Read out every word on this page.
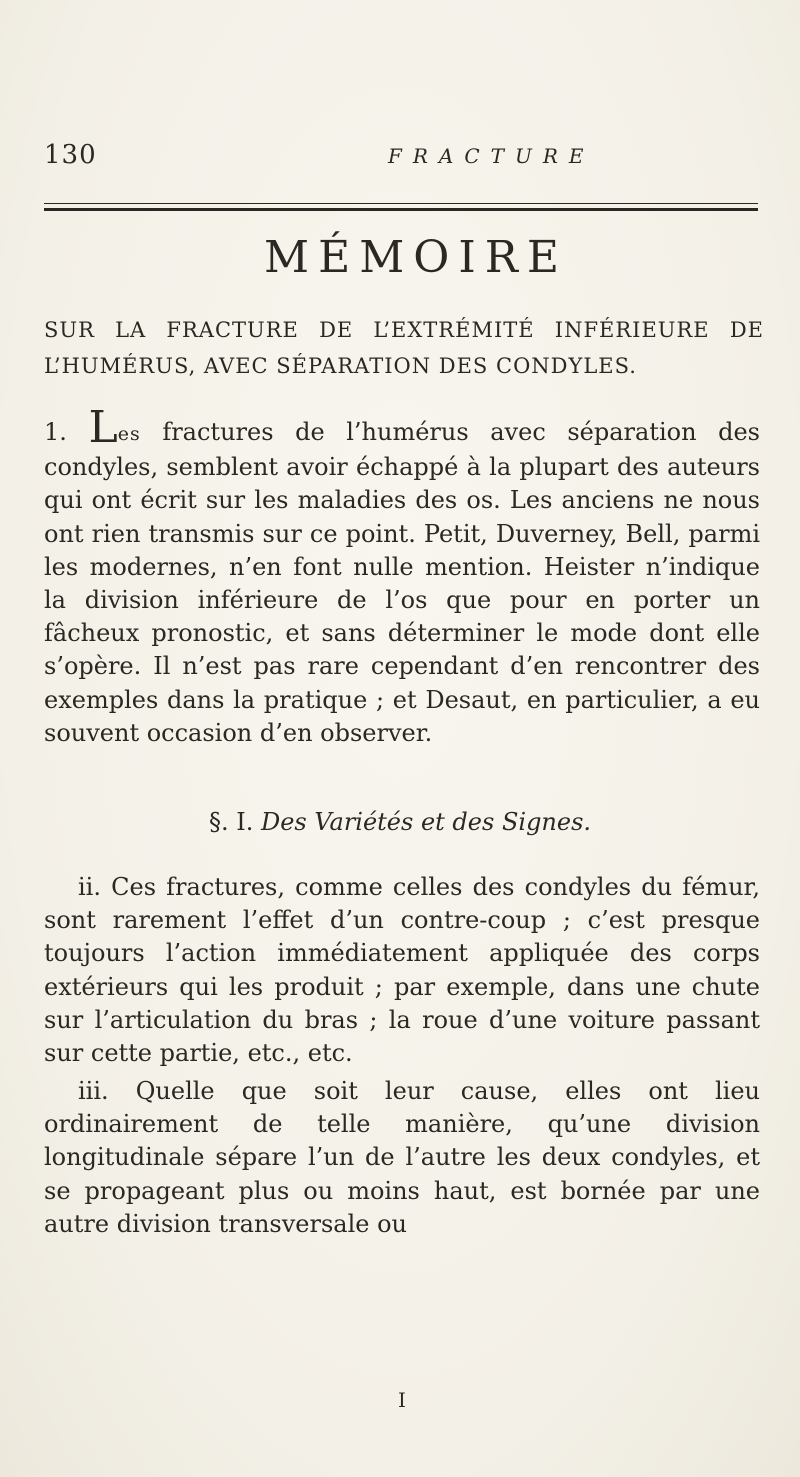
130	FRACTURE
MÉMOIRE
SUR LA FRACTURE DE L’EXTRÉMITÉ INFÉRIEURE DE L’HUMÉRUS, AVEC SÉPARATION DES CONDYLES.
1. Les fractures de l’humérus avec séparation des condyles, semblent avoir échappé à la plupart des auteurs qui ont écrit sur les maladies des os. Les anciens ne nous ont rien transmis sur ce point. Petit, Duverney, Bell, parmi les modernes, n’en font nulle mention. Heister n’indique la division inférieure de l’os que pour en porter un fâcheux pronostic, et sans déterminer le mode dont elle s’opère. Il n’est pas rare cependant d’en rencontrer des exemples dans la pratique ; et Desaut, en particulier, a eu souvent occasion d’en observer.
§. I. Des Variétés et des Signes.
ii. Ces fractures, comme celles des condyles du fémur, sont rarement l’effet d’un contre-coup ; c’est presque toujours l’action immédiatement appliquée des corps extérieurs qui les produit ; par exemple, dans une chute sur l’articulation du bras ; la roue d’une voiture passant sur cette partie, etc., etc.
iii. Quelle que soit leur cause, elles ont lieu ordinairement de telle manière, qu’une division longitudinale sépare l’un de l’autre les deux condyles, et se propageant plus ou moins haut, est bornée par une autre division transversale ou
I
